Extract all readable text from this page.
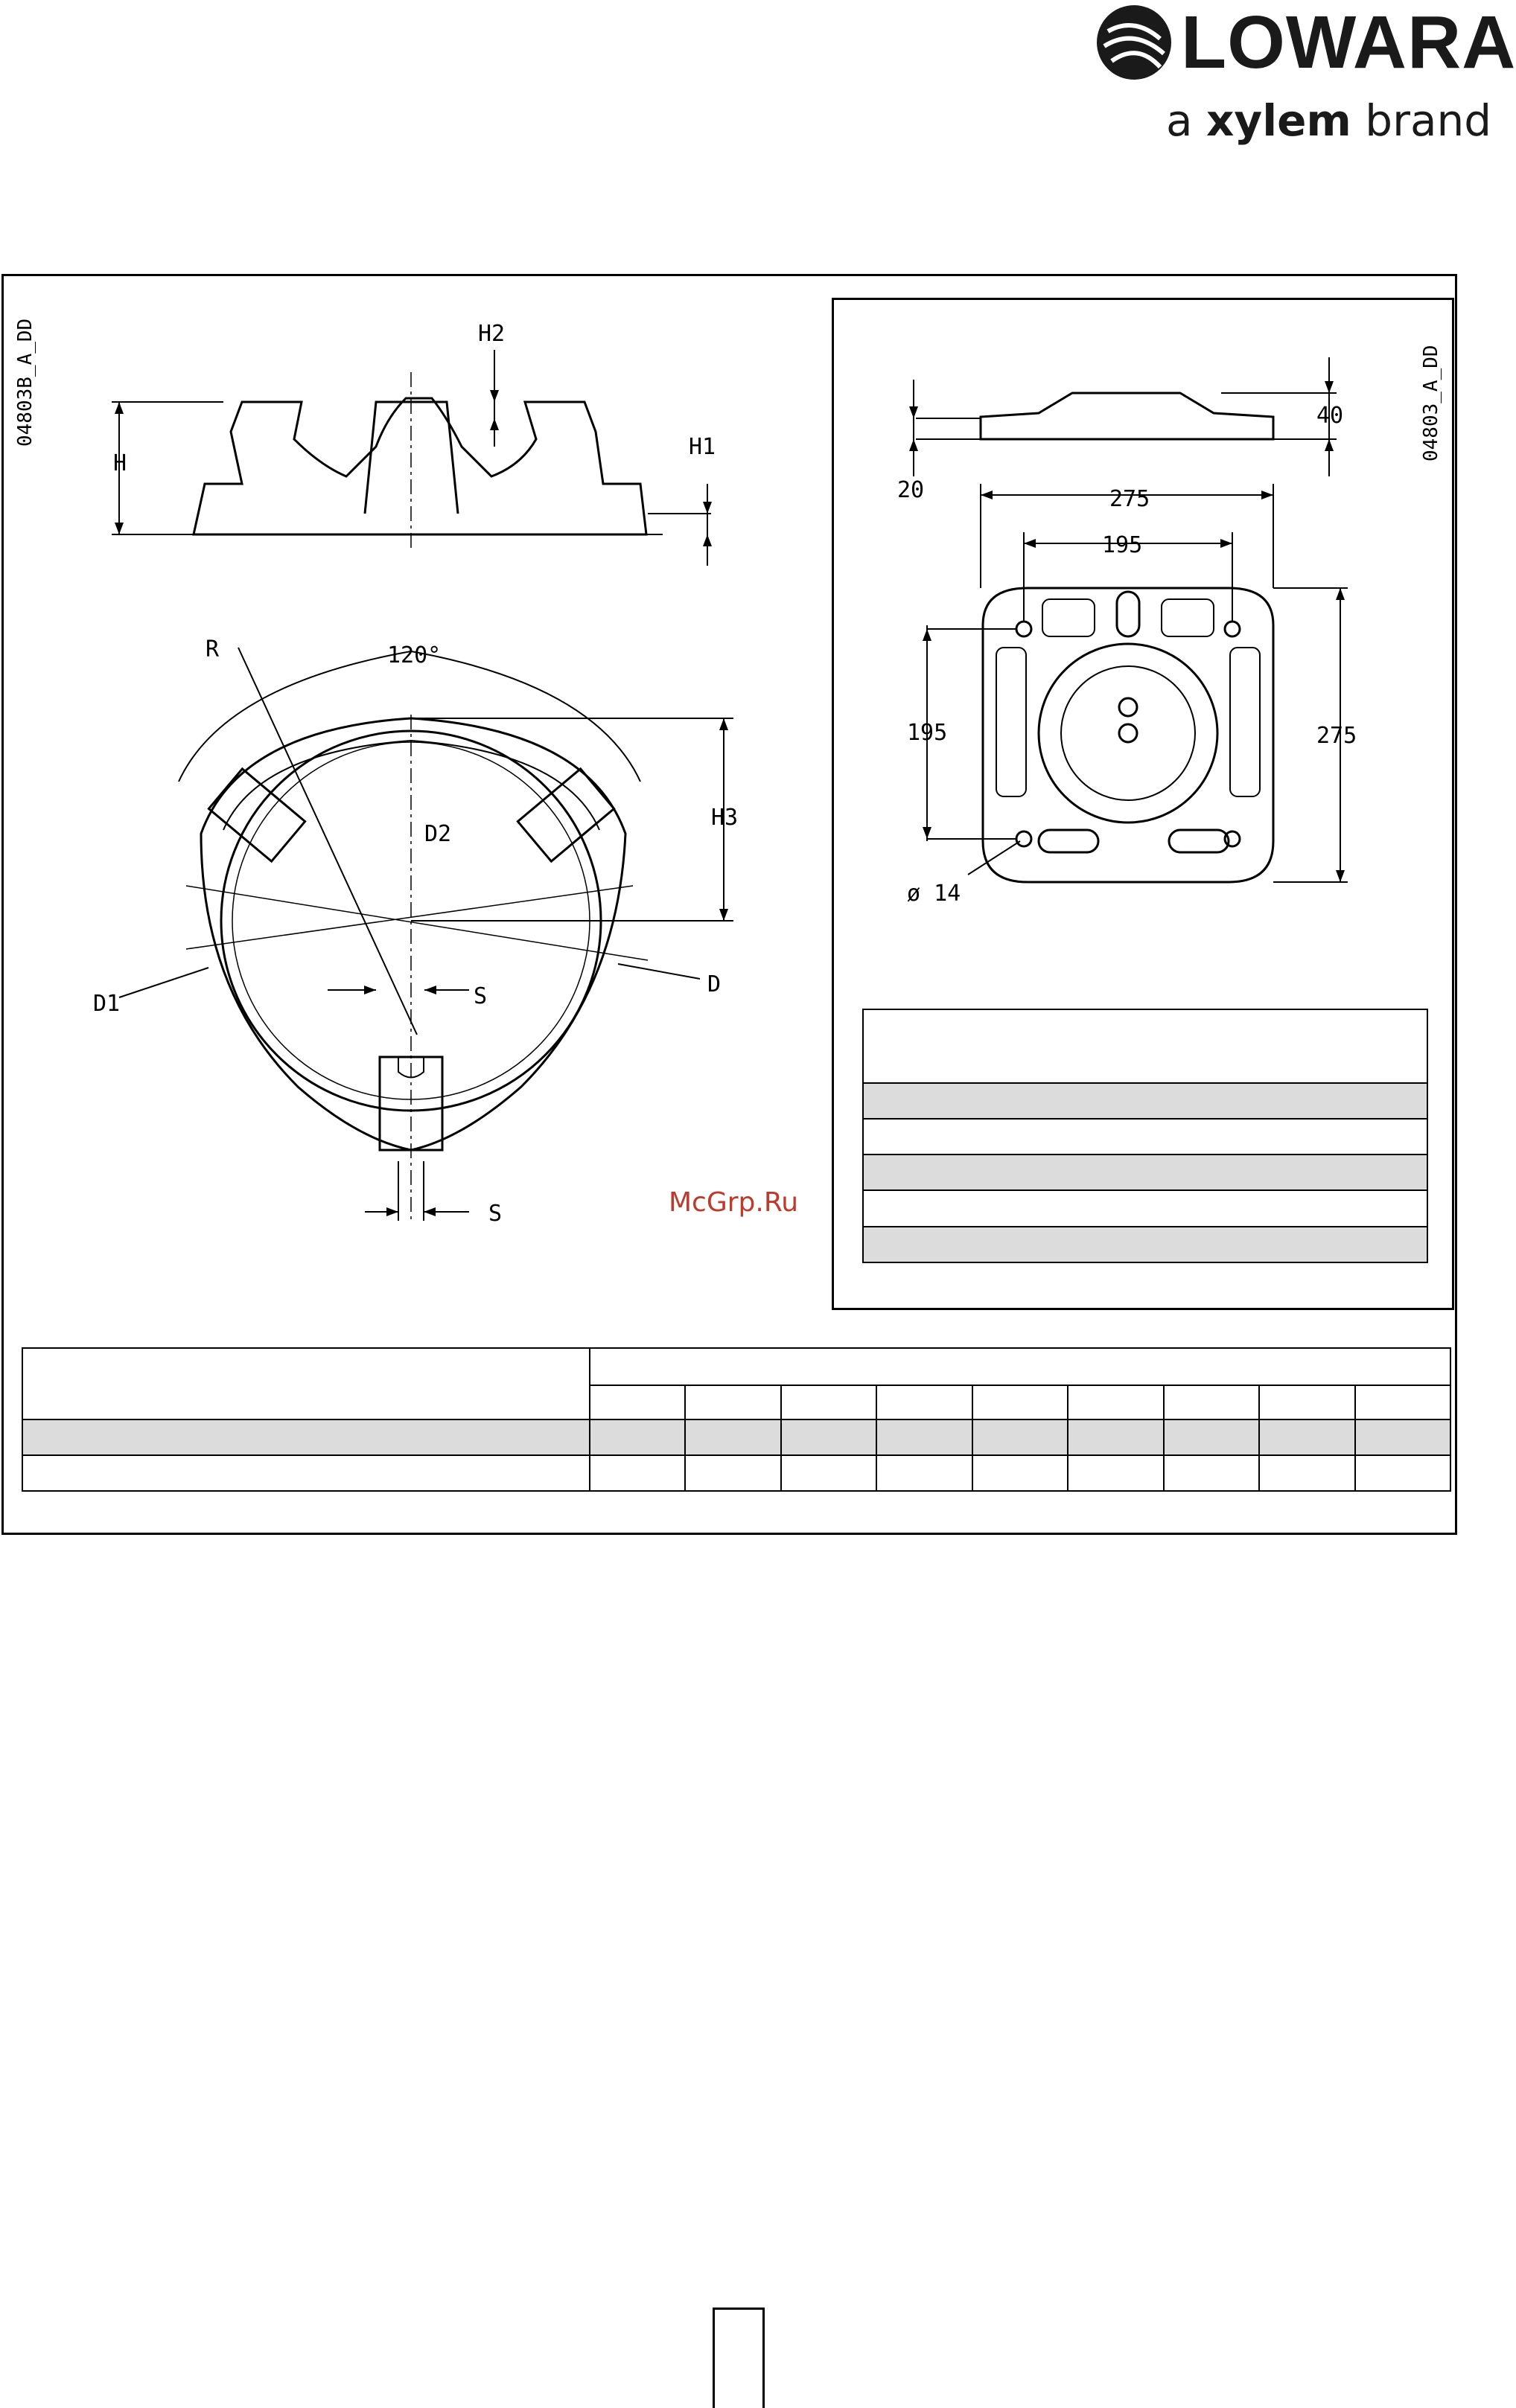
LOWARA
a xylem brand
04803B_A_DD
H
H2
H1
R	120°
H3
D2
S
D1
D
S
04803_A_DD
40
20	275
195
195	275
ø 14

McGrp.Ru
